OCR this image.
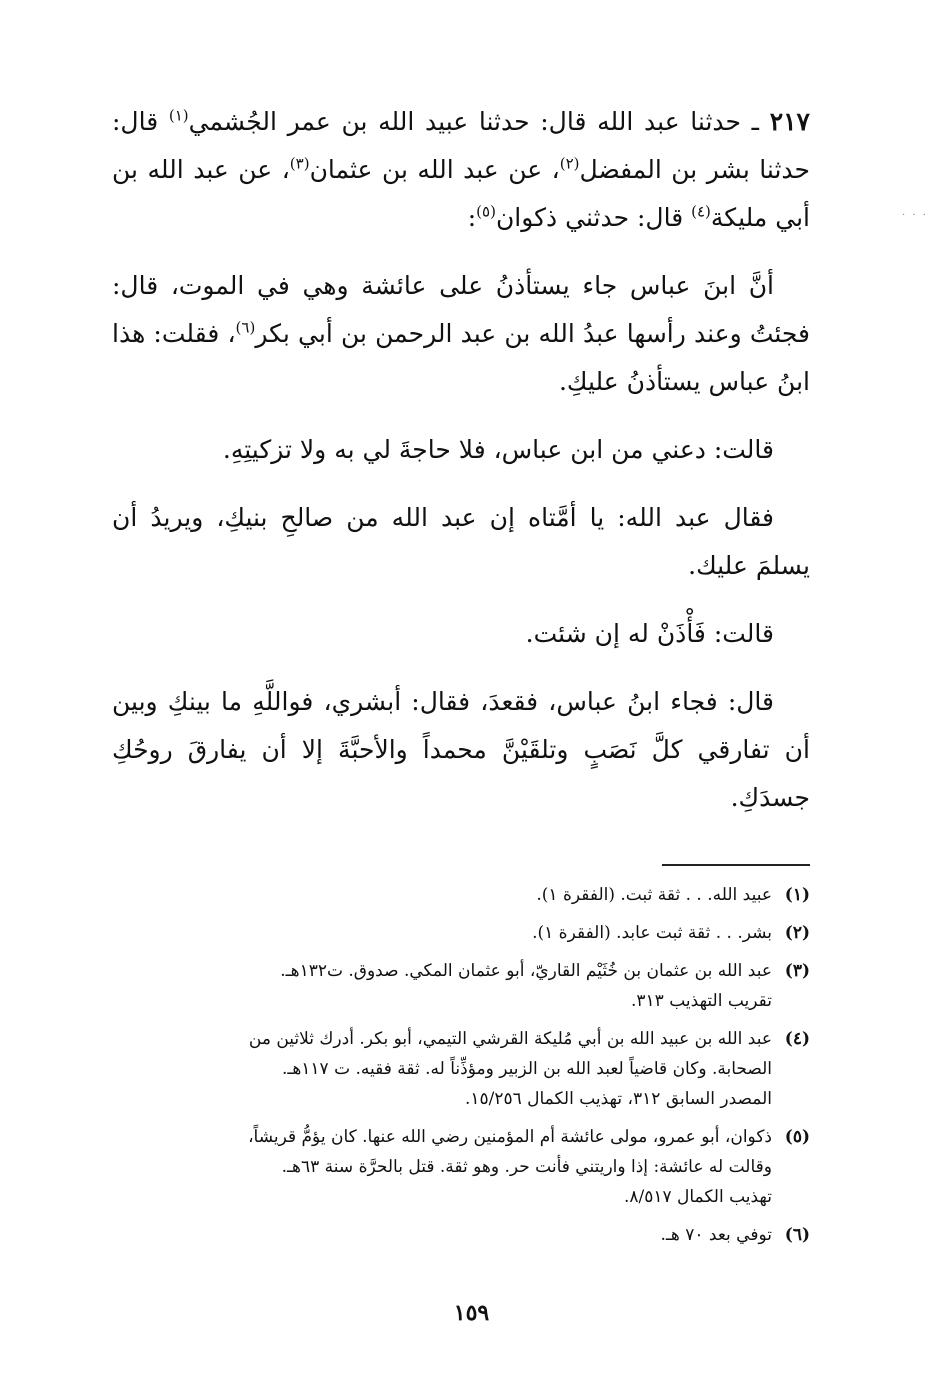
٢١٧ ـ حدثنا عبد الله قال: حدثنا عبيد الله بن عمر الجُشمي$^{(١)}$ قال: حدثنا بشر بن المفضل$^{(٢)}$، عن عبد الله بن عثمان$^{(٣)}$، عن عبد الله بن أبي مليكة$^{(٤)}$ قال: حدثني ذكوان$^{(٥)}$:

أنَّ ابنَ عباس جاء يستأذنُ على عائشة وهي في الموت، قال: فجئتُ وعند رأسها عبدُ الله بن عبد الرحمن بن أبي بكر$^{(٦)}$، فقلت: هذا ابنُ عباس يستأذنُ عليكِ.

قالت: دعني من ابن عباس، فلا حاجةَ لي به ولا تزكيتِهِ.

فقال عبد الله: يا أمَّتاه إن عبد الله من صالحِ بنيكِ، ويريدُ أن يسلمَ عليك.

قالت: فَأْذَنْ له إن شئت.

قال: فجاء ابنُ عباس، فقعدَ، فقال: أبشري، فواللَّهِ ما بينكِ وبين أن تفارقي كلَّ نَصَبٍ وتلقَيْنَّ محمداً والأحبَّةَ إلا أن يفارقَ روحُكِ جسدَكِ.

(١)
عبيد الله. . . ثقة ثبت. (الفقرة ١).
(٢)
بشر. . . ثقة ثبت عابد. (الفقرة ١).
(٣)
عبد الله بن عثمان بن خُثَيْم القاريّ، أبو عثمان المكي. صدوق. ت١٣٢هـ.
تقريب التهذيب ٣١٣.
(٤)
عبد الله بن عبيد الله بن أبي مُليكة القرشي التيمي، أبو بكر. أدرك ثلاثين من
الصحابة. وكان قاضياً لعبد الله بن الزبير ومؤذِّناً له. ثقة فقيه. ت ١١٧هـ.
المصدر السابق ٣١٢، تهذيب الكمال ١٥/٢٥٦.
(٥)
ذكوان، أبو عمرو، مولى عائشة أم المؤمنين رضي الله عنها. كان يؤمُّ قريشاً،
وقالت له عائشة: إذا واريتني فأنت حر. وهو ثقة. قتل بالحرَّة سنة ٦٣هـ.
تهذيب الكمال ٨/٥١٧.
(٦)
توفي بعد ٧٠ هـ.
١٥٩
· · ·
